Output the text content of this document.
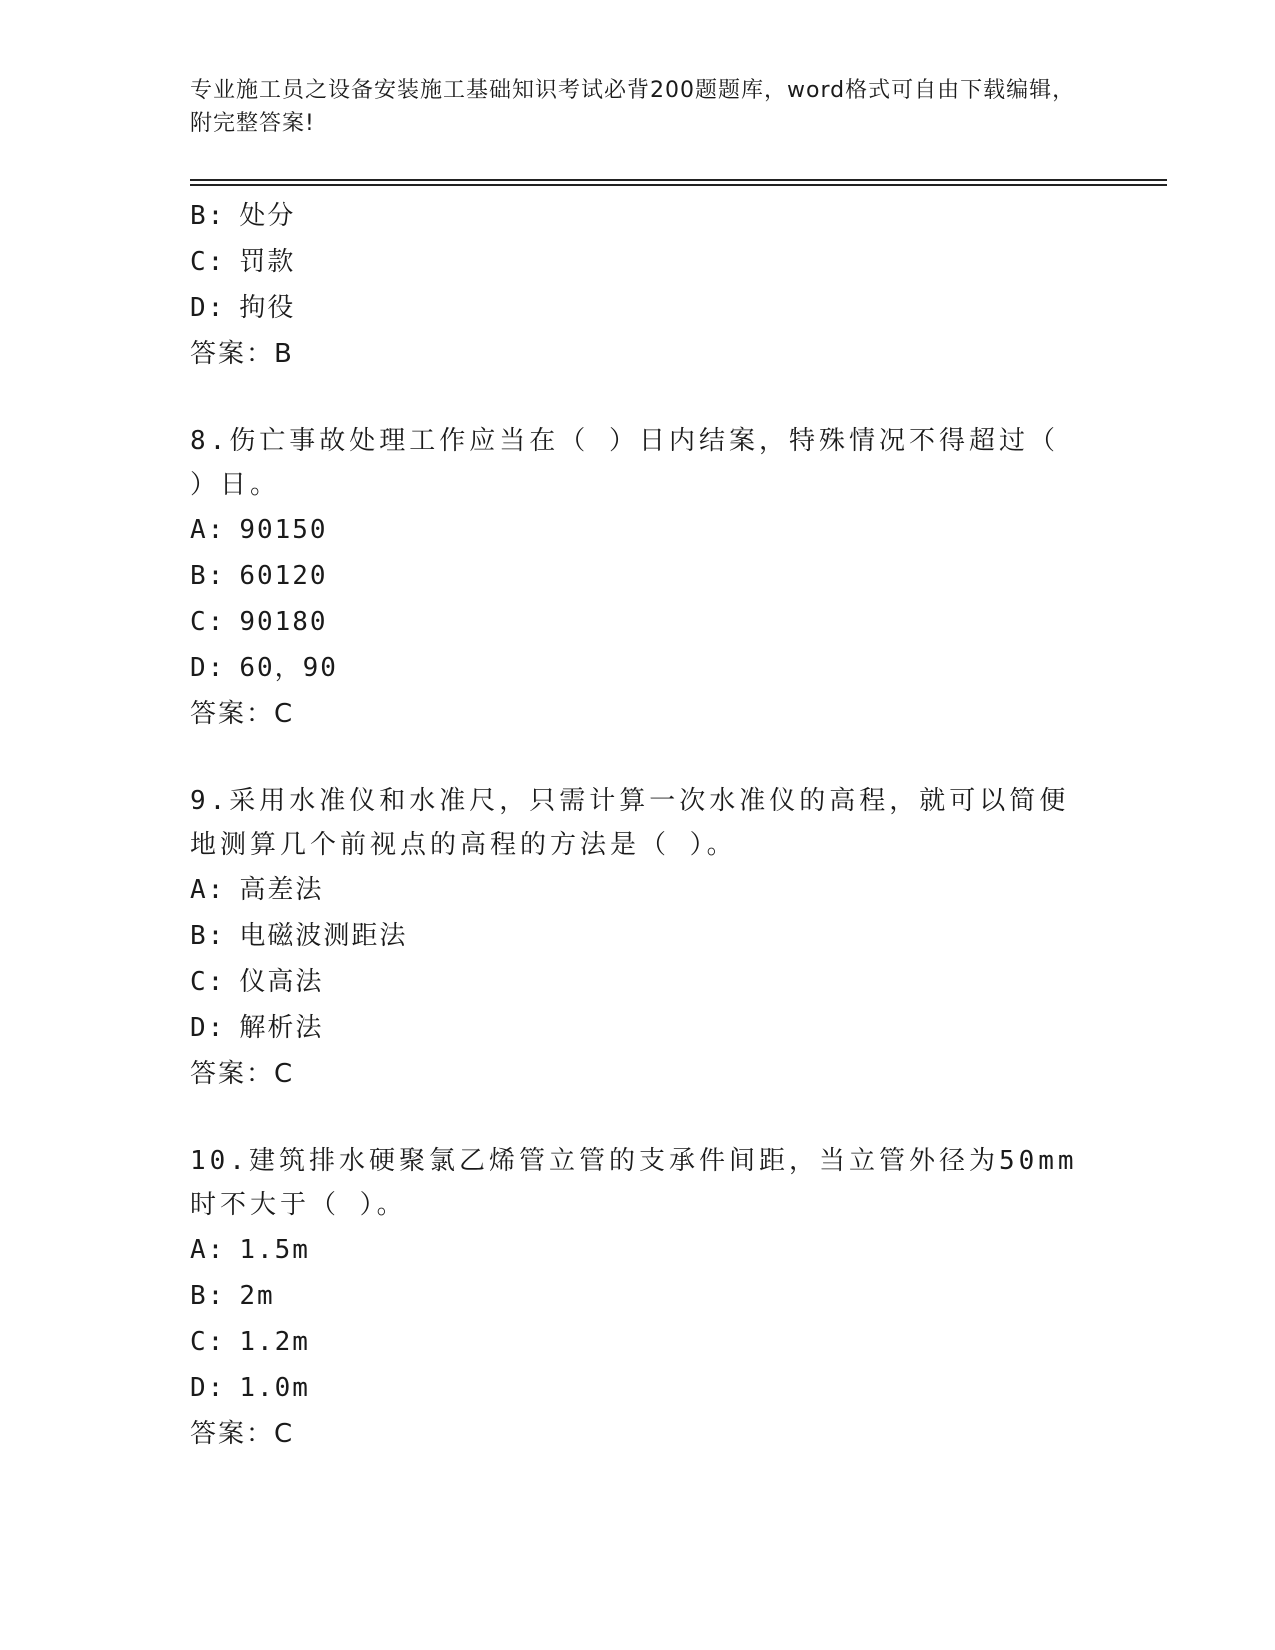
专业施工员之设备安装施工基础知识考试必背200题题库，word格式可自由下载编辑，附完整答案!
B: 处分
C: 罚款
D: 拘役
答案：B
8.伤亡事故处理工作应当在（ ）日内结案，特殊情况不得超过（ ）日。
A: 90150
B: 60120
C: 90180
D: 60，90
答案：C
9.采用水准仪和水准尺，只需计算一次水准仪的高程，就可以简便地测算几个前视点的高程的方法是（ ）。
A: 高差法
B: 电磁波测距法
C: 仪高法
D: 解析法
答案：C
10.建筑排水硬聚氯乙烯管立管的支承件间距，当立管外径为50mm时不大于（ ）。
A: 1.5m
B: 2m
C: 1.2m
D: 1.0m
答案：C
